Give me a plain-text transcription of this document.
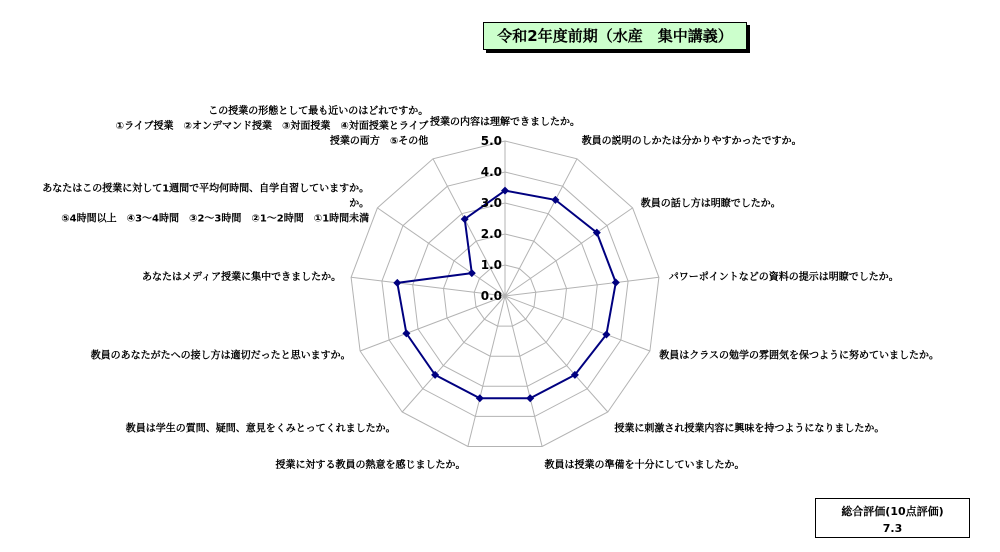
令和2年度前期（水産　集中講義）
0.0
1.0
2.0
3.0
4.0
5.0
授業の内容は理解できましたか。
教員の説明のしかたは分かりやすかったですか。
教員の話し方は明瞭でしたか。
パワーポイントなどの資料の提示は明瞭でしたか。
教員はクラスの勉学の雰囲気を保つように努めていましたか。
授業に刺激され授業内容に興味を持つようになりましたか。
教員は授業の準備を十分にしていましたか。
授業に対する教員の熱意を感じましたか。
教員は学生の質問、疑問、意見をくみとってくれましたか。
教員のあなたがたへの接し方は適切だったと思いますか。
あなたはメディア授業に集中できましたか。
あなたはこの授業に対して1週間で平均何時間、自学自習していますか。
か。
⑤4時間以上　④3～4時間　③2～3時間　②1～2時間　①1時間未満
この授業の形態として最も近いのはどれですか。
①ライブ授業　②オンデマンド授業　③対面授業　④対面授業とライブ
授業の両方　⑤その他
総合評価(10点評価)
7.3
